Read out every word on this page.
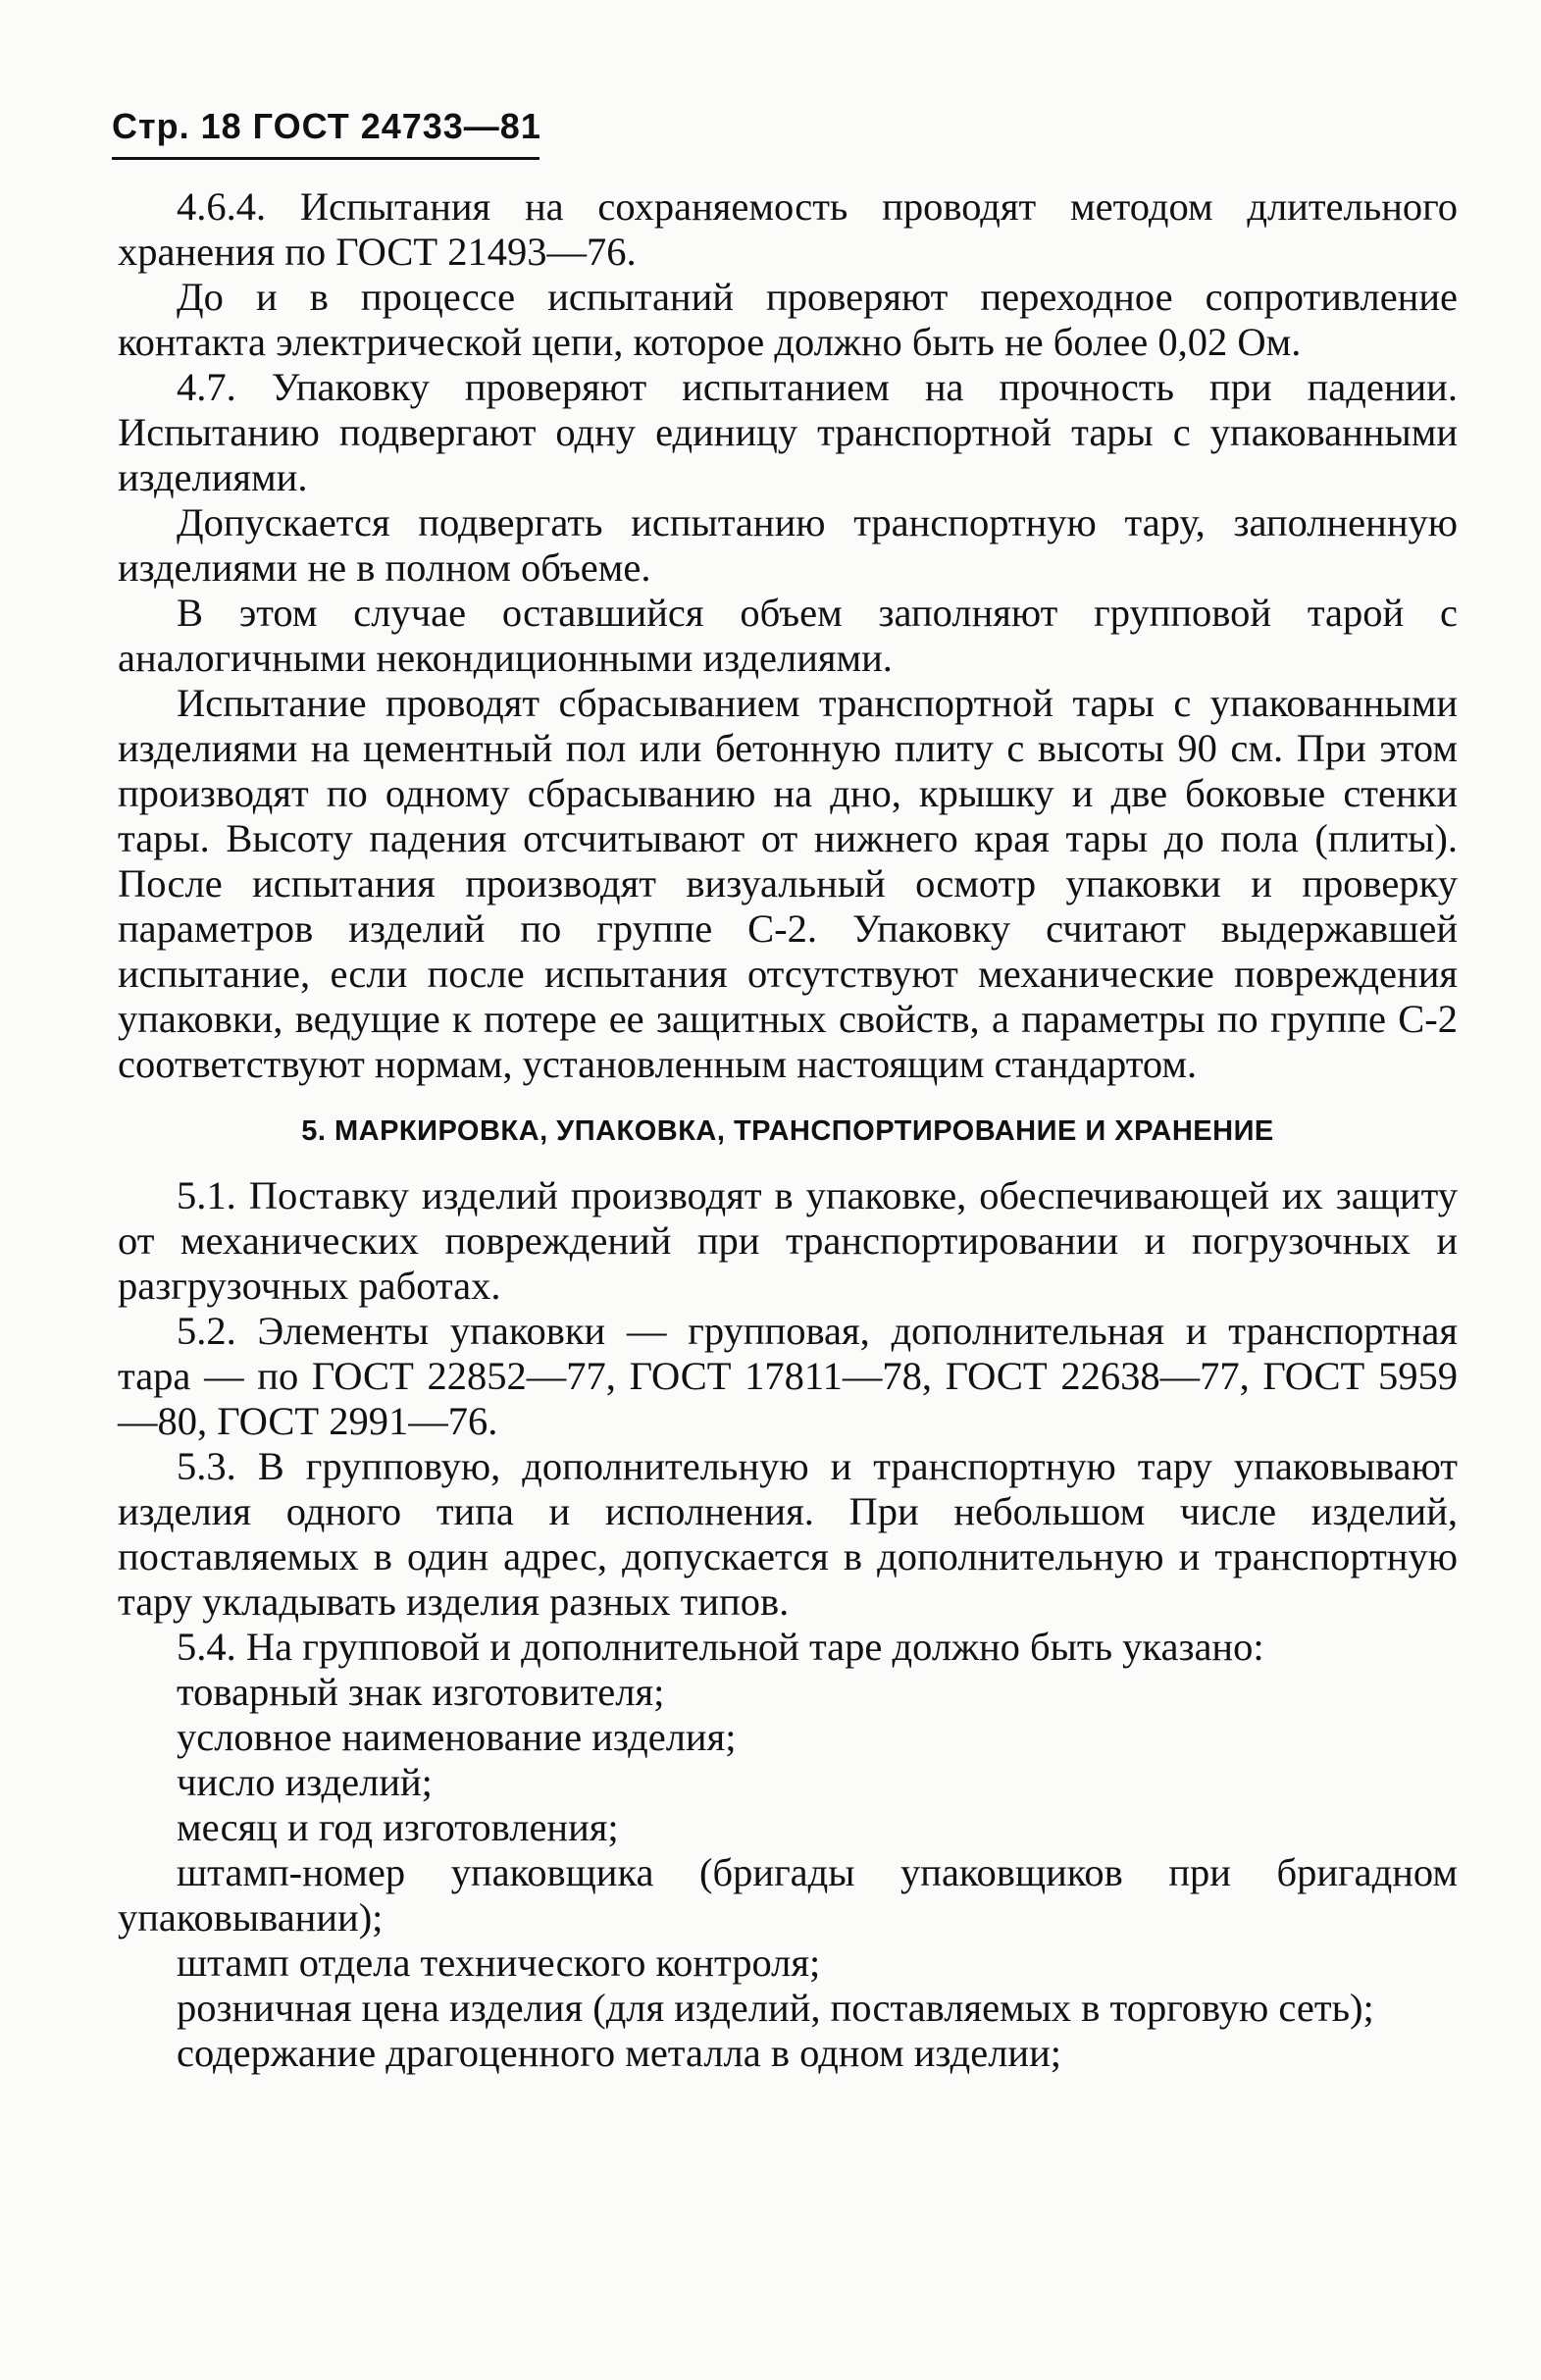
Стр. 18 ГОСТ 24733—81

4.6.4. Испытания на сохраняемость проводят методом длительного хранения по ГОСТ 21493—76.

До и в процессе испытаний проверяют переходное сопротивление контакта электрической цепи, которое должно быть не более 0,02 Ом.

4.7. Упаковку проверяют испытанием на прочность при падении. Испытанию подвергают одну единицу транспортной тары с упакованными изделиями.

Допускается подвергать испытанию транспортную тару, заполненную изделиями не в полном объеме.

В этом случае оставшийся объем заполняют групповой тарой с аналогичными некондиционными изделиями.

Испытание проводят сбрасыванием транспортной тары с упакованными изделиями на цементный пол или бетонную плиту с высоты 90 см. При этом производят по одному сбрасыванию на дно, крышку и две боковые стенки тары. Высоту падения отсчитывают от нижнего края тары до пола (плиты). После испытания производят визуальный осмотр упаковки и проверку параметров изделий по группе С-2. Упаковку считают выдержавшей испытание, если после испытания отсутствуют механические повреждения упаковки, ведущие к потере ее защитных свойств, а параметры по группе С-2 соответствуют нормам, установленным настоящим стандартом.

5. МАРКИРОВКА, УПАКОВКА, ТРАНСПОРТИРОВАНИЕ И ХРАНЕНИЕ

5.1. Поставку изделий производят в упаковке, обеспечивающей их защиту от механических повреждений при транспортировании и погрузочных и разгрузочных работах.

5.2. Элементы упаковки — групповая, дополнительная и транспортная тара — по ГОСТ 22852—77, ГОСТ 17811—78, ГОСТ 22638—77, ГОСТ 5959—80, ГОСТ 2991—76.

5.3. В групповую, дополнительную и транспортную тару упаковывают изделия одного типа и исполнения. При небольшом числе изделий, поставляемых в один адрес, допускается в дополнительную и транспортную тару укладывать изделия разных типов.

5.4. На групповой и дополнительной таре должно быть указано:

товарный знак изготовителя;
условное наименование изделия;
число изделий;
месяц и год изготовления;
штамп-номер упаковщика (бригады упаковщиков при бригадном упаковывании);
штамп отдела технического контроля;
розничная цена изделия (для изделий, поставляемых в торговую сеть);
содержание драгоценного металла в одном изделии;
